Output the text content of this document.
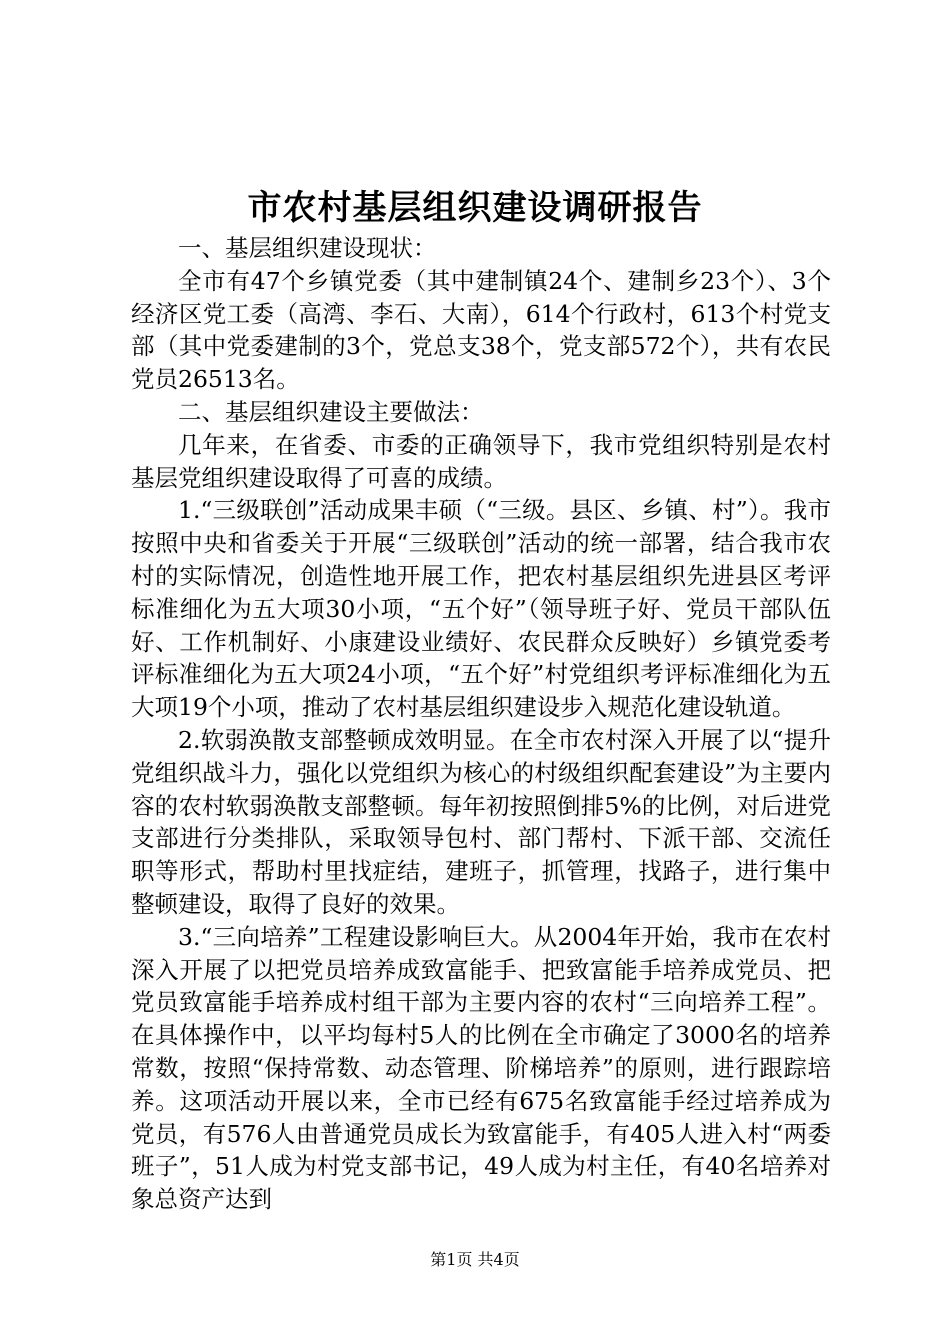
市农村基层组织建设调研报告

一、基层组织建设现状：

全市有47个乡镇党委（其中建制镇24个、建制乡23个）、3个经济区党工委（高湾、李石、大南），614个行政村，613个村党支部（其中党委建制的3个，党总支38个，党支部572个），共有农民党员26513名。

二、基层组织建设主要做法：

几年来，在省委、市委的正确领导下，我市党组织特别是农村基层党组织建设取得了可喜的成绩。

1.“三级联创”活动成果丰硕（“三级。县区、乡镇、村”）。我市按照中央和省委关于开展“三级联创”活动的统一部署，结合我市农村的实际情况，创造性地开展工作，把农村基层组织先进县区考评标准细化为五大项30小项，“五个好”（领导班子好、党员干部队伍好、工作机制好、小康建设业绩好、农民群众反映好）乡镇党委考评标准细化为五大项24小项，“五个好”村党组织考评标准细化为五大项19个小项，推动了农村基层组织建设步入规范化建设轨道。

2.软弱涣散支部整顿成效明显。在全市农村深入开展了以“提升党组织战斗力，强化以党组织为核心的村级组织配套建设”为主要内容的农村软弱涣散支部整顿。每年初按照倒排5%的比例，对后进党支部进行分类排队，采取领导包村、部门帮村、下派干部、交流任职等形式，帮助村里找症结，建班子，抓管理，找路子，进行集中整顿建设，取得了良好的效果。

3.“三向培养”工程建设影响巨大。从2004年开始，我市在农村深入开展了以把党员培养成致富能手、把致富能手培养成党员、把党员致富能手培养成村组干部为主要内容的农村“三向培养工程”。在具体操作中，以平均每村5人的比例在全市确定了3000名的培养常数，按照“保持常数、动态管理、阶梯培养”的原则，进行跟踪培养。这项活动开展以来，全市已经有675名致富能手经过培养成为党员，有576人由普通党员成长为致富能手，有405人进入村“两委班子”，51人成为村党支部书记，49人成为村主任，有40名培养对象总资产达到

第1页 共4页
